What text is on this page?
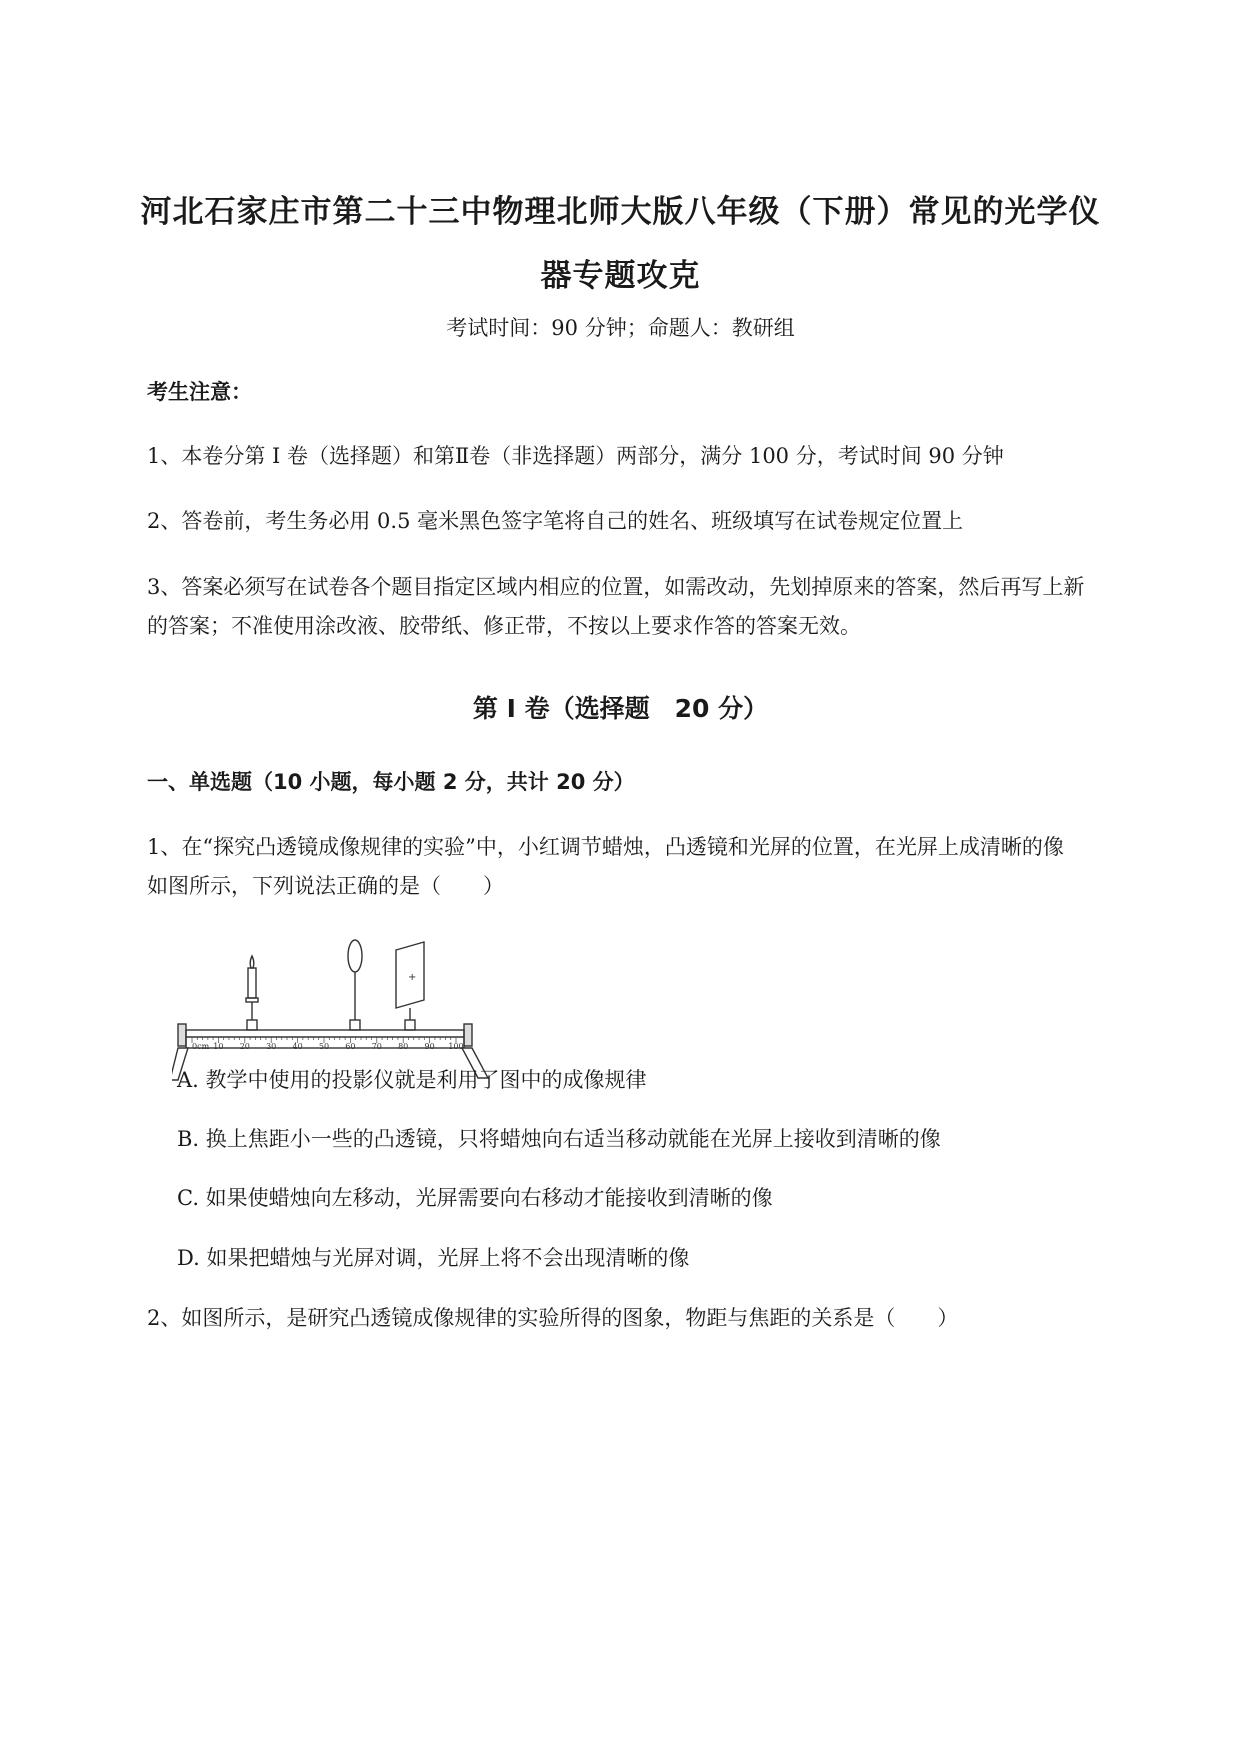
河北石家庄市第二十三中物理北师大版八年级（下册）常见的光学仪
器专题攻克
考试时间：90 分钟；命题人：教研组
考生注意：
1、本卷分第 I 卷（选择题）和第Ⅱ卷（非选择题）两部分，满分 100 分，考试时间 90 分钟
2、答卷前，考生务必用 0.5 毫米黑色签字笔将自己的姓名、班级填写在试卷规定位置上
3、答案必须写在试卷各个题目指定区域内相应的位置，如需改动，先划掉原来的答案，然后再写上新
的答案；不准使用涂改液、胶带纸、修正带，不按以上要求作答的答案无效。
第 I 卷（选择题　20 分）
一、单选题（10 小题，每小题 2 分，共计 20 分）
1、在“探究凸透镜成像规律的实验”中，小红调节蜡烛，凸透镜和光屏的位置，在光屏上成清晰的像
如图所示，下列说法正确的是（　　）
+
0cm 10 20 30 40 50 60 70 80 90 100
A. 教学中使用的投影仪就是利用了图中的成像规律
B. 换上焦距小一些的凸透镜，只将蜡烛向右适当移动就能在光屏上接收到清晰的像
C. 如果使蜡烛向左移动，光屏需要向右移动才能接收到清晰的像
D. 如果把蜡烛与光屏对调，光屏上将不会出现清晰的像
2、如图所示，是研究凸透镜成像规律的实验所得的图象，物距与焦距的关系是（　　）
